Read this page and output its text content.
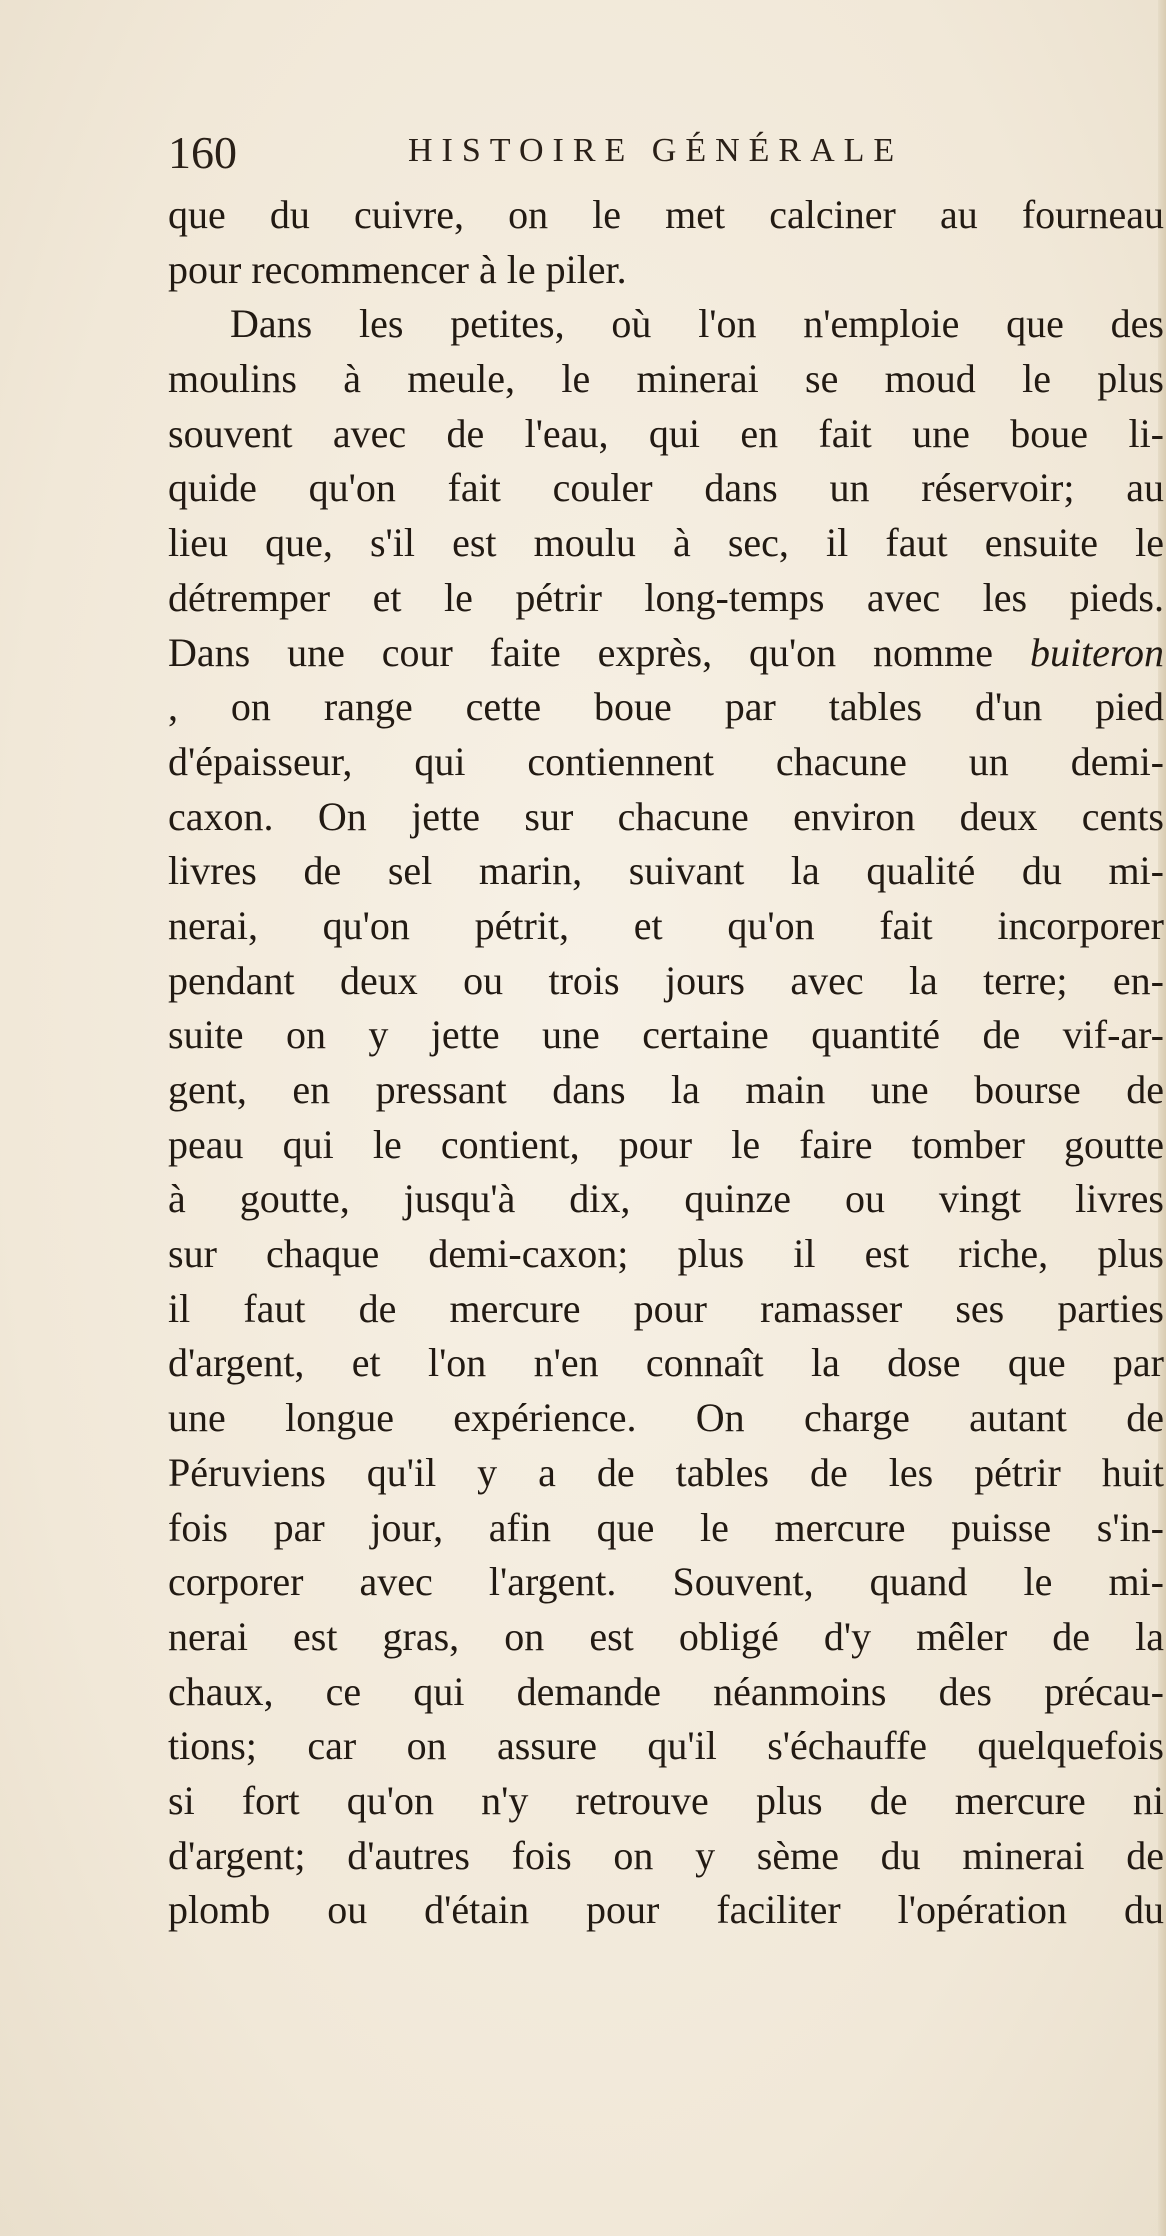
160	HISTOIRE GÉNÉRALE
que du cuivre, on le met calciner au fourneau
pour recommencer à le piler.
Dans les petites, où l'on n'emploie que des
moulins à meule, le minerai se moud le plus
souvent avec de l'eau, qui en fait une boue li-
quide qu'on fait couler dans un réservoir; au
lieu que, s'il est moulu à sec, il faut ensuite le
détremper et le pétrir long-temps avec les pieds.
Dans une cour faite exprès, qu'on nomme buiteron
, on range cette boue par tables d'un pied
d'épaisseur, qui contiennent chacune un demi-
caxon. On jette sur chacune environ deux cents
livres de sel marin, suivant la qualité du mi-
nerai, qu'on pétrit, et qu'on fait incorporer
pendant deux ou trois jours avec la terre; en-
suite on y jette une certaine quantité de vif-ar-
gent, en pressant dans la main une bourse de
peau qui le contient, pour le faire tomber goutte
à goutte, jusqu'à dix, quinze ou vingt livres
sur chaque demi-caxon; plus il est riche, plus
il faut de mercure pour ramasser ses parties
d'argent, et l'on n'en connaît la dose que par
une longue expérience. On charge autant de
Péruviens qu'il y a de tables de les pétrir huit
fois par jour, afin que le mercure puisse s'in-
corporer avec l'argent. Souvent, quand le mi-
nerai est gras, on est obligé d'y mêler de la
chaux, ce qui demande néanmoins des précau-
tions; car on assure qu'il s'échauffe quelquefois
si fort qu'on n'y retrouve plus de mercure ni
d'argent; d'autres fois on y sème du minerai de
plomb ou d'étain pour faciliter l'opération du
